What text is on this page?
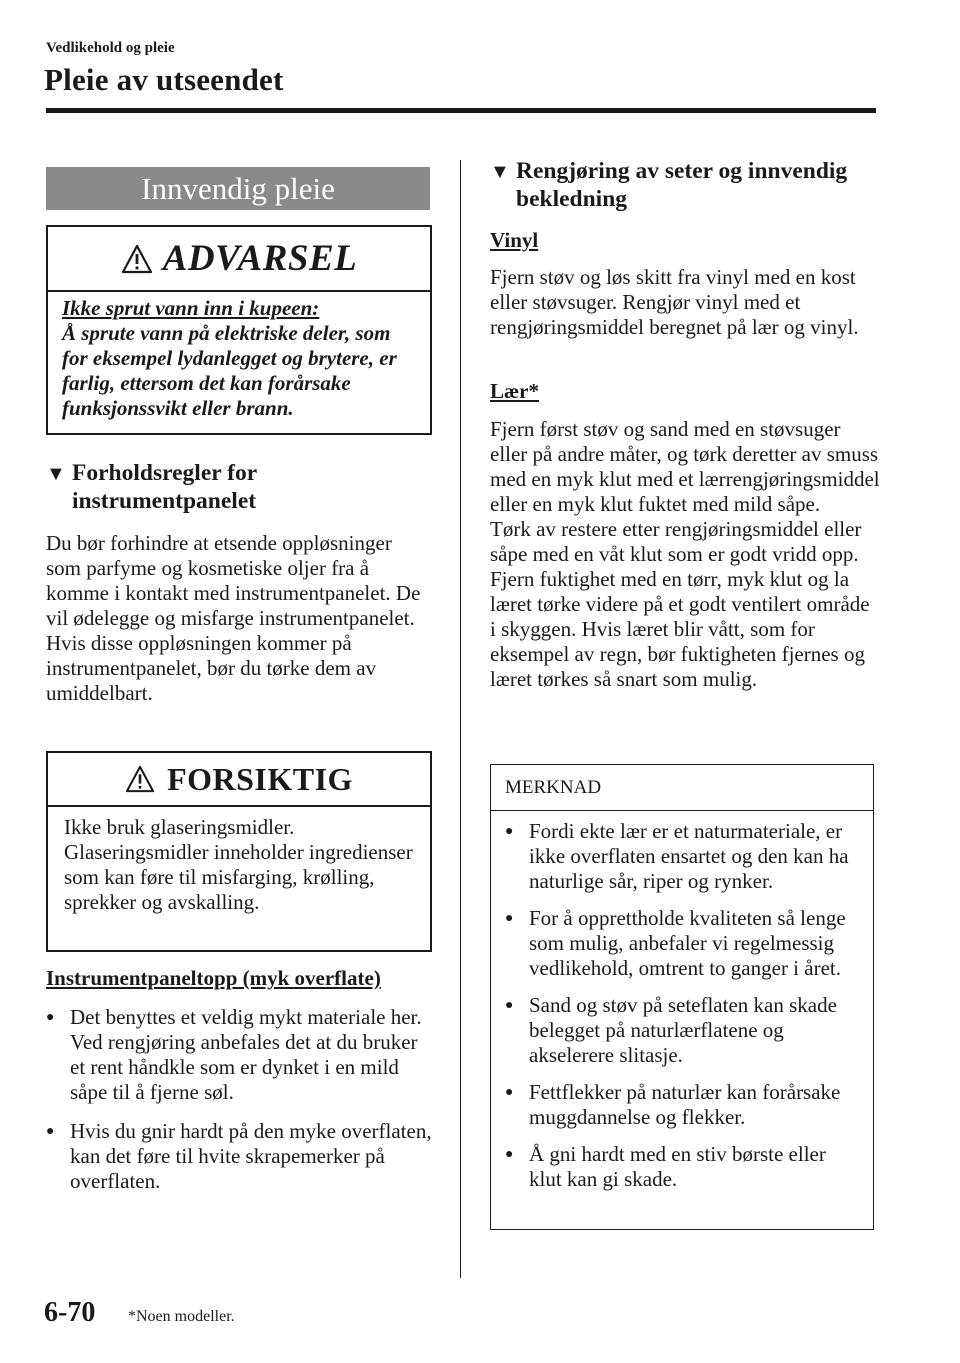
Vedlikehold og pleie
Pleie av utseendet
Innvendig pleie
ADVARSEL
Ikke sprut vann inn i kupeen:
Å sprute vann på elektriske deler, som for eksempel lydanlegget og brytere, er farlig, ettersom det kan forårsake funksjonssvikt eller brann.
▼ Forholdsregler for
instrumentpanelet
Du bør forhindre at etsende oppløsninger som parfyme og kosmetiske oljer fra å komme i kontakt med instrumentpanelet. De vil ødelegge og misfarge instrumentpanelet. Hvis disse oppløsningen kommer på instrumentpanelet, bør du tørke dem av umiddelbart.
FORSIKTIG
Ikke bruk glaseringsmidler. Glaseringsmidler inneholder ingredienser som kan føre til misfarging, krølling, sprekker og avskalling.
Instrumentpaneltopp (myk overflate)
● Det benyttes et veldig mykt materiale her. Ved rengjøring anbefales det at du bruker et rent håndkle som er dynket i en mild såpe til å fjerne søl.
● Hvis du gnir hardt på den myke overflaten, kan det føre til hvite skrapemerker på overflaten.
▼ Rengjøring av seter og innvendig
bekledning
Vinyl
Fjern støv og løs skitt fra vinyl med en kost eller støvsuger. Rengjør vinyl med et rengjøringsmiddel beregnet på lær og vinyl.
Lær*
Fjern først støv og sand med en støvsuger eller på andre måter, og tørk deretter av smuss med en myk klut med et lærrengjøringsmiddel eller en myk klut fuktet med mild såpe.
Tørk av restere etter rengjøringsmiddel eller såpe med en våt klut som er godt vridd opp.
Fjern fuktighet med en tørr, myk klut og la læret tørke videre på et godt ventilert område i skyggen. Hvis læret blir vått, som for eksempel av regn, bør fuktigheten fjernes og læret tørkes så snart som mulig.
MERKNAD
● Fordi ekte lær er et naturmateriale, er ikke overflaten ensartet og den kan ha naturlige sår, riper og rynker.
● For å opprettholde kvaliteten så lenge som mulig, anbefaler vi regelmessig vedlikehold, omtrent to ganger i året.
● Sand og støv på seteflaten kan skade belegget på naturlærflatene og akselerere slitasje.
● Fettflekker på naturlær kan forårsake muggdannelse og flekker.
● Å gni hardt med en stiv børste eller klut kan gi skade.
6-70 *Noen modeller.
